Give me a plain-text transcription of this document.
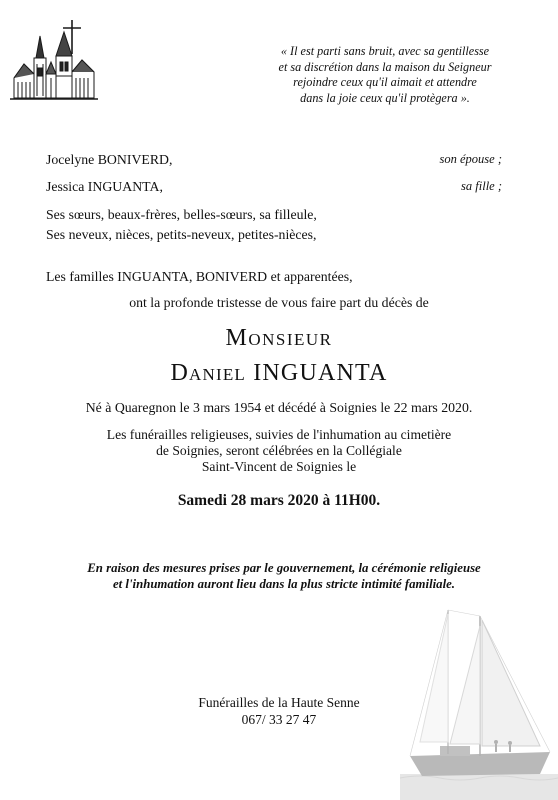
« Il est parti sans bruit, avec sa gentillesse
et sa discrétion dans la maison du Seigneur
rejoindre ceux qu'il aimait et attendre
dans la joie ceux qu'il protègera ».
Jocelyne BONIVERD,	son épouse ;
Jessica INGUANTA,	sa fille ;
Ses sœurs, beaux-frères, belles-sœurs, sa filleule,
Ses neveux, nièces, petits-neveux, petites-nièces,
Les familles INGUANTA, BONIVERD et apparentées,
ont la profonde tristesse de vous faire part du décès de
Monsieur
Daniel INGUANTA
Né à Quaregnon le 3 mars 1954 et décédé à Soignies le 22 mars 2020.
Les funérailles religieuses, suivies de l'inhumation au cimetière
de Soignies, seront célébrées en la Collégiale
Saint-Vincent de Soignies le
Samedi 28 mars 2020 à 11H00.
En raison des mesures prises par le gouvernement, la cérémonie religieuse
et l'inhumation auront lieu dans la plus stricte intimité familiale.
Funérailles de la Haute Senne
067/ 33 27 47
